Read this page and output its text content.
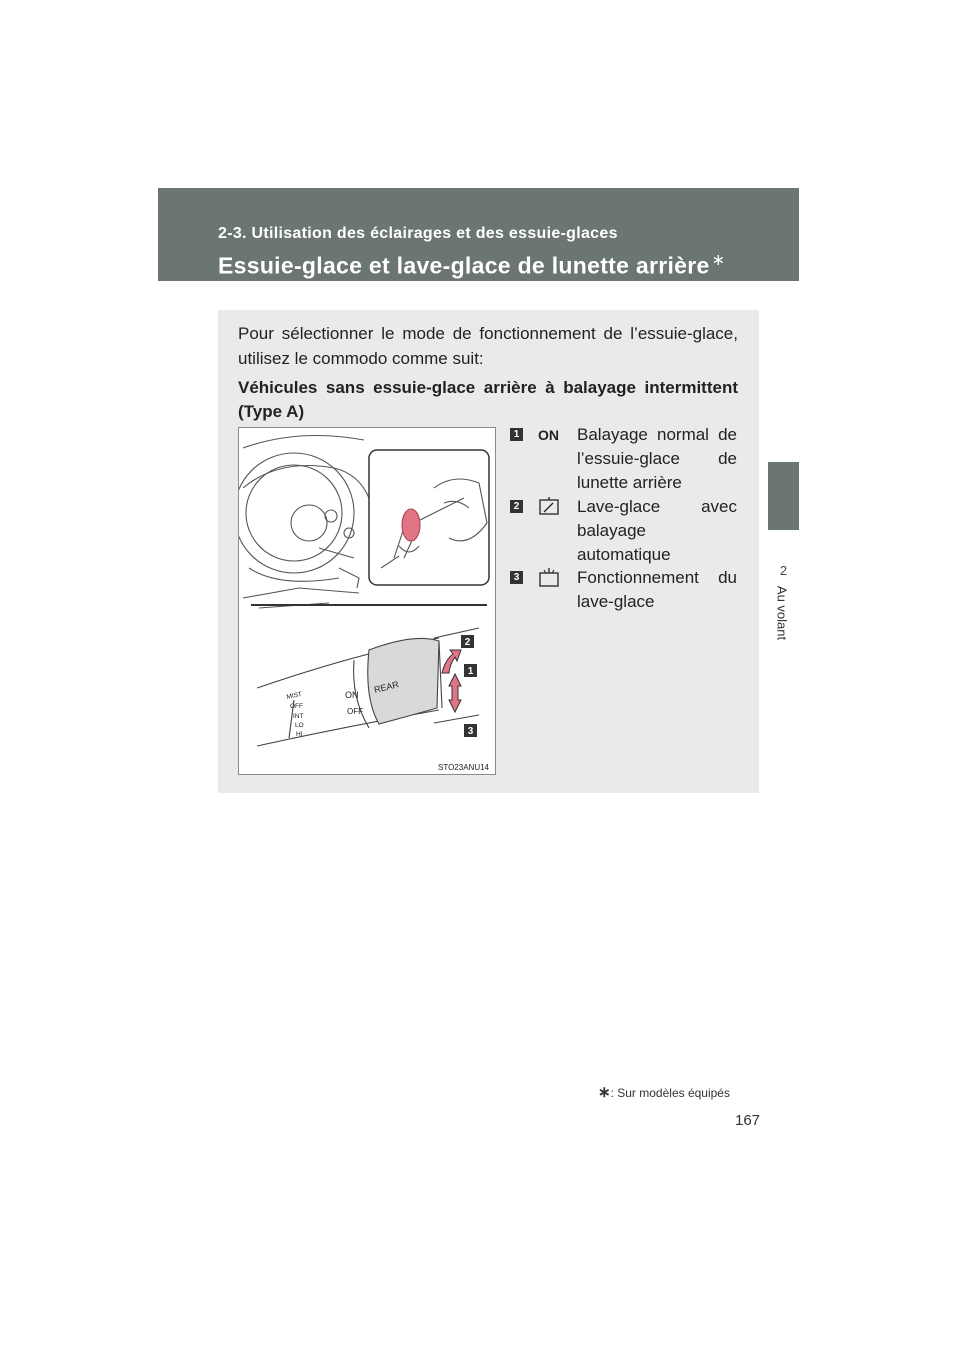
2-3. Utilisation des éclairages et des essuie-glaces
Essuie-glace et lave-glace de lunette arrière ∗
2
Au volant
Pour sélectionner le mode de fonctionnement de l’essuie-glace, utilisez le commodo comme suit:
Véhicules sans essuie-glace arrière à balayage intermittent (Type A)
MIST
OFF
INT
LO
HI
ON
OFF
REAR
2
1
3
STO23ANU14
1 ON Balayage normal de
l’essuie-glace de
lunette arrière
2	Lave-glace avec
balayage
automatique
3	Fonctionnement du
lave-glace
∗: Sur modèles équipés
167
